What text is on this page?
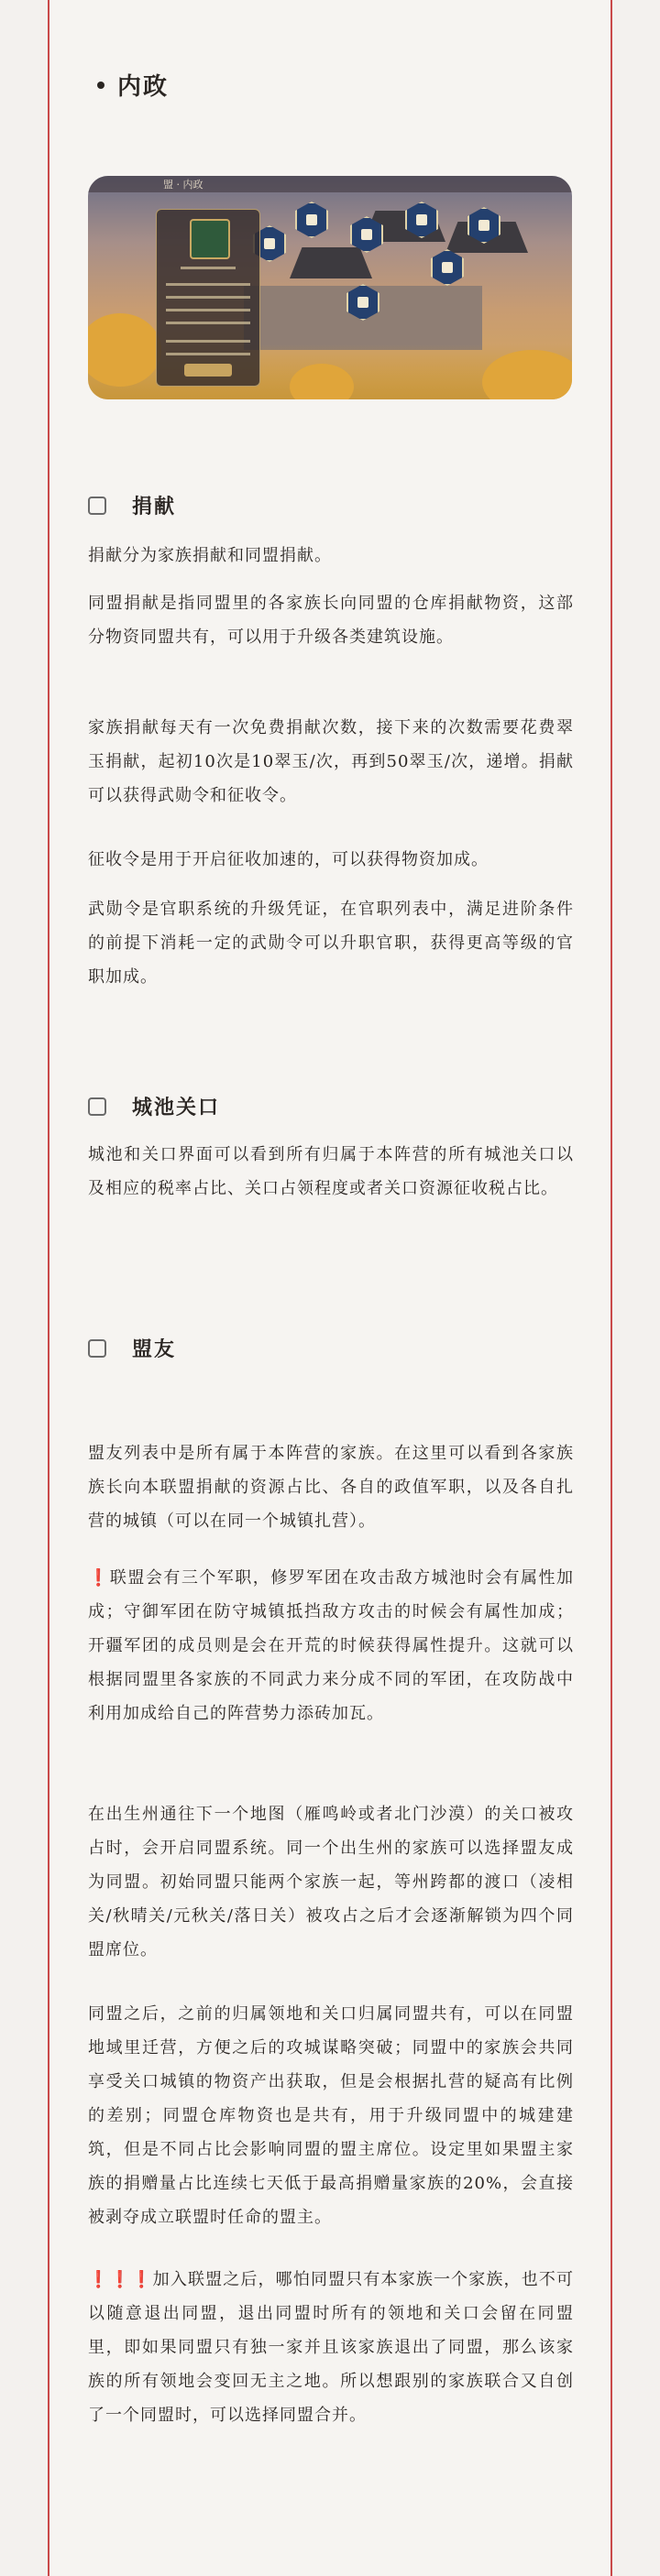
内政
盟 · 内政
捐献

捐献分为家族捐献和同盟捐献。

同盟捐献是指同盟里的各家族长向同盟的仓库捐献物资，这部分物资同盟共有，可以用于升级各类建筑设施。

家族捐献每天有一次免费捐献次数，接下来的次数需要花费翠玉捐献，起初10次是10翠玉/次，再到50翠玉/次，递增。捐献可以获得武勋令和征收令。

征收令是用于开启征收加速的，可以获得物资加成。

武勋令是官职系统的升级凭证，在官职列表中，满足进阶条件的前提下消耗一定的武勋令可以升职官职，获得更高等级的官职加成。

城池关口

城池和关口界面可以看到所有归属于本阵营的所有城池关口以及相应的税率占比、关口占领程度或者关口资源征收税占比。

盟友

盟友列表中是所有属于本阵营的家族。在这里可以看到各家族族长向本联盟捐献的资源占比、各自的政值军职，以及各自扎营的城镇（可以在同一个城镇扎营）。

❗联盟会有三个军职，修罗军团在攻击敌方城池时会有属性加成；守御军团在防守城镇抵挡敌方攻击的时候会有属性加成；开疆军团的成员则是会在开荒的时候获得属性提升。这就可以根据同盟里各家族的不同武力来分成不同的军团，在攻防战中利用加成给自己的阵营势力添砖加瓦。

在出生州通往下一个地图（雁鸣岭或者北门沙漠）的关口被攻占时，会开启同盟系统。同一个出生州的家族可以选择盟友成为同盟。初始同盟只能两个家族一起，等州跨都的渡口（凌相关/秋晴关/元秋关/落日关）被攻占之后才会逐渐解锁为四个同盟席位。

同盟之后，之前的归属领地和关口归属同盟共有，可以在同盟地域里迁营，方便之后的攻城谋略突破；同盟中的家族会共同享受关口城镇的物资产出获取，但是会根据扎营的疑高有比例的差别；同盟仓库物资也是共有，用于升级同盟中的城建建筑，但是不同占比会影响同盟的盟主席位。设定里如果盟主家族的捐赠量占比连续七天低于最高捐赠量家族的20%，会直接被剥夺成立联盟时任命的盟主。

❗❗❗加入联盟之后，哪怕同盟只有本家族一个家族，也不可以随意退出同盟，退出同盟时所有的领地和关口会留在同盟里，即如果同盟只有独一家并且该家族退出了同盟，那么该家族的所有领地会变回无主之地。所以想跟别的家族联合又自创了一个同盟时，可以选择同盟合并。
